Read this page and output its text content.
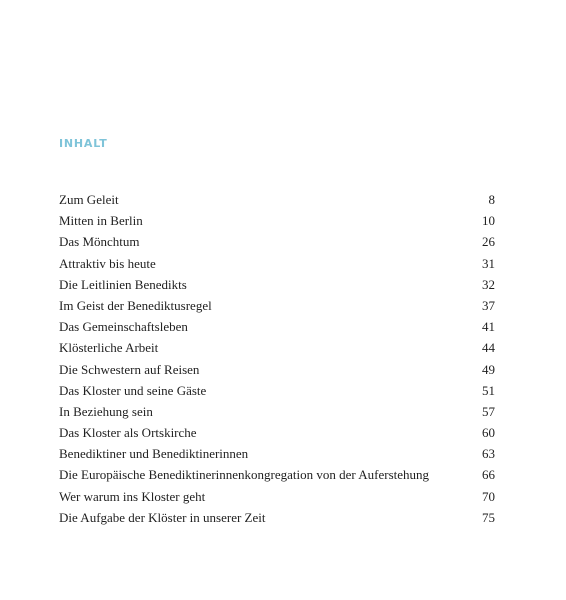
INHALT
Zum Geleit	8
Mitten in Berlin	10
Das Mönchtum	26
Attraktiv bis heute	31
Die Leitlinien Benedikts	32
Im Geist der Benediktusregel	37
Das Gemeinschaftsleben	41
Klösterliche Arbeit	44
Die Schwestern auf Reisen	49
Das Kloster und seine Gäste	51
In Beziehung sein	57
Das Kloster als Ortskirche	60
Benediktiner und Benediktinerinnen	63
Die Europäische Benediktinerinnenkongregation von der Auferstehung	66
Wer warum ins Kloster geht	70
Die Aufgabe der Klöster in unserer Zeit	75
